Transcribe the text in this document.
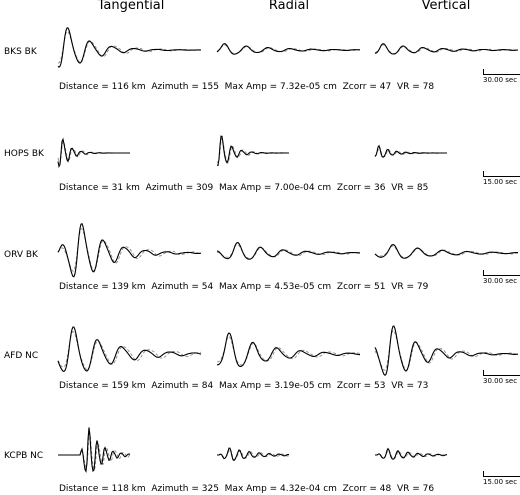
Tangential	Radial	Vertical
BKS BK
Distance = 116 km Azimuth = 155 Max Amp = 7.32e-05 cm Zcorr = 47 VR = 78
30.00 sec
HOPS BK
Distance = 31 km Azimuth = 309 Max Amp = 7.00e-04 cm Zcorr = 36 VR = 85
15.00 sec
ORV BK
Distance = 139 km Azimuth = 54 Max Amp = 4.53e-05 cm Zcorr = 51 VR = 79
30.00 sec
AFD NC
Distance = 159 km Azimuth = 84 Max Amp = 3.19e-05 cm Zcorr = 53 VR = 73	30.00 sec
KCPB NC
Distance = 118 km Azimuth = 325 Max Amp = 4.32e-04 cm Zcorr = 48 VR = 76
15.00 sec
